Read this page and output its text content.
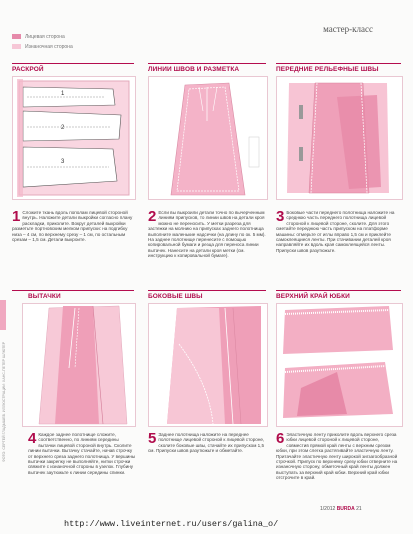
Лицевая сторона
Изнаночная сторона
мастер-класс
РАСКРОЙ	ЛИНИИ ШВОВ И РАЗМЕТКА	ПЕРЕДНИЕ РЕЛЬЕФНЫЕ ШВЫ
1
2
3
1 Сложите ткань вдоль пополам лицевой стороной внутрь. Наложите детали выкройки согласно плану раскладки, приколите. Вокруг деталей выкройки разметьте портновским мелком припуски: на подгибку низа – 4 см, по верхнему срезу – 1 см, по остальным срезам – 1,5 см. Детали выкроите.
2 Если вы выкроили детали точно по вычерченным линиям припусков, то линии швов на детали кроя можно не переносить. У метки разреза для застежки на молнию на припусках заднего полотнища выполните маленькие надсечки (на длину по ок. 5 мм). На заднее полотнище перенесите с помощью копировальной бумаги и резца для переноса линии вытачек. Нанесите на детали кроя метки (см. инструкцию к копировальной бумаге).
3 Боковые части переднего полотнища наложите на среднюю часть переднего полотнища лицевой стороной к лицевой стороне, сколите. Для этого сметайте переднюю часть припуском на платформе машины: отмерьте от иглы вправо 1,5 см и приклейте самоклеящиеся ленты. При стачивании деталей кроя направляйте их вдоль края самоклеящейся ленты. Припуски швов разутюжьте.
ВЫТАЧКИ	БОКОВЫЕ ШВЫ	ВЕРХНИЙ КРАЙ ЮБКИ
4 Каждое заднее полотнище сложите, соответственно, по линиям середины вытачки лицевой стороной внутрь. Сколите линии вытачки. Вытачку стачайте, начав строчку от верхнего среза заднего полотнища. У вершины вытачки закрепку не выполняйте, нитки строчки свяжите с изнаночной стороны в узелок. Глубину вытачек заутюжьте к линии середины спинки.
5 Заднее полотнища наложите на переднее полотнище лицевой стороной к лицевой стороне, сколите боковые швы, стачайте их припуском 1,5 см. Припуски швов разутюжьте и обметайте.
6 Эластичную ленту приколите вдоль верхнего среза юбки лицевой стороной к лицевой стороне, совместив прямой край ленты с верхним срезом юбки, при этом слегка растягивайте эластичную ленту. Притачайте эластичную ленту широкой зигзагообразной строчкой. Припуск по верхнему срезу юбки отверните на изнаночную сторону, обметочный край ленты должен выступать за верхний край юбки. Верхний край юбки отстрочите в край.
ФОТО: СЕРГЕЙ ГЛАДЫШЕВ. ИЛЛЮСТРАЦИИ: ХАНС-ПЕТЕР ШЛЮТЕР
1/2012 BURDA 21
http://www.liveinternet.ru/users/galina_o/
